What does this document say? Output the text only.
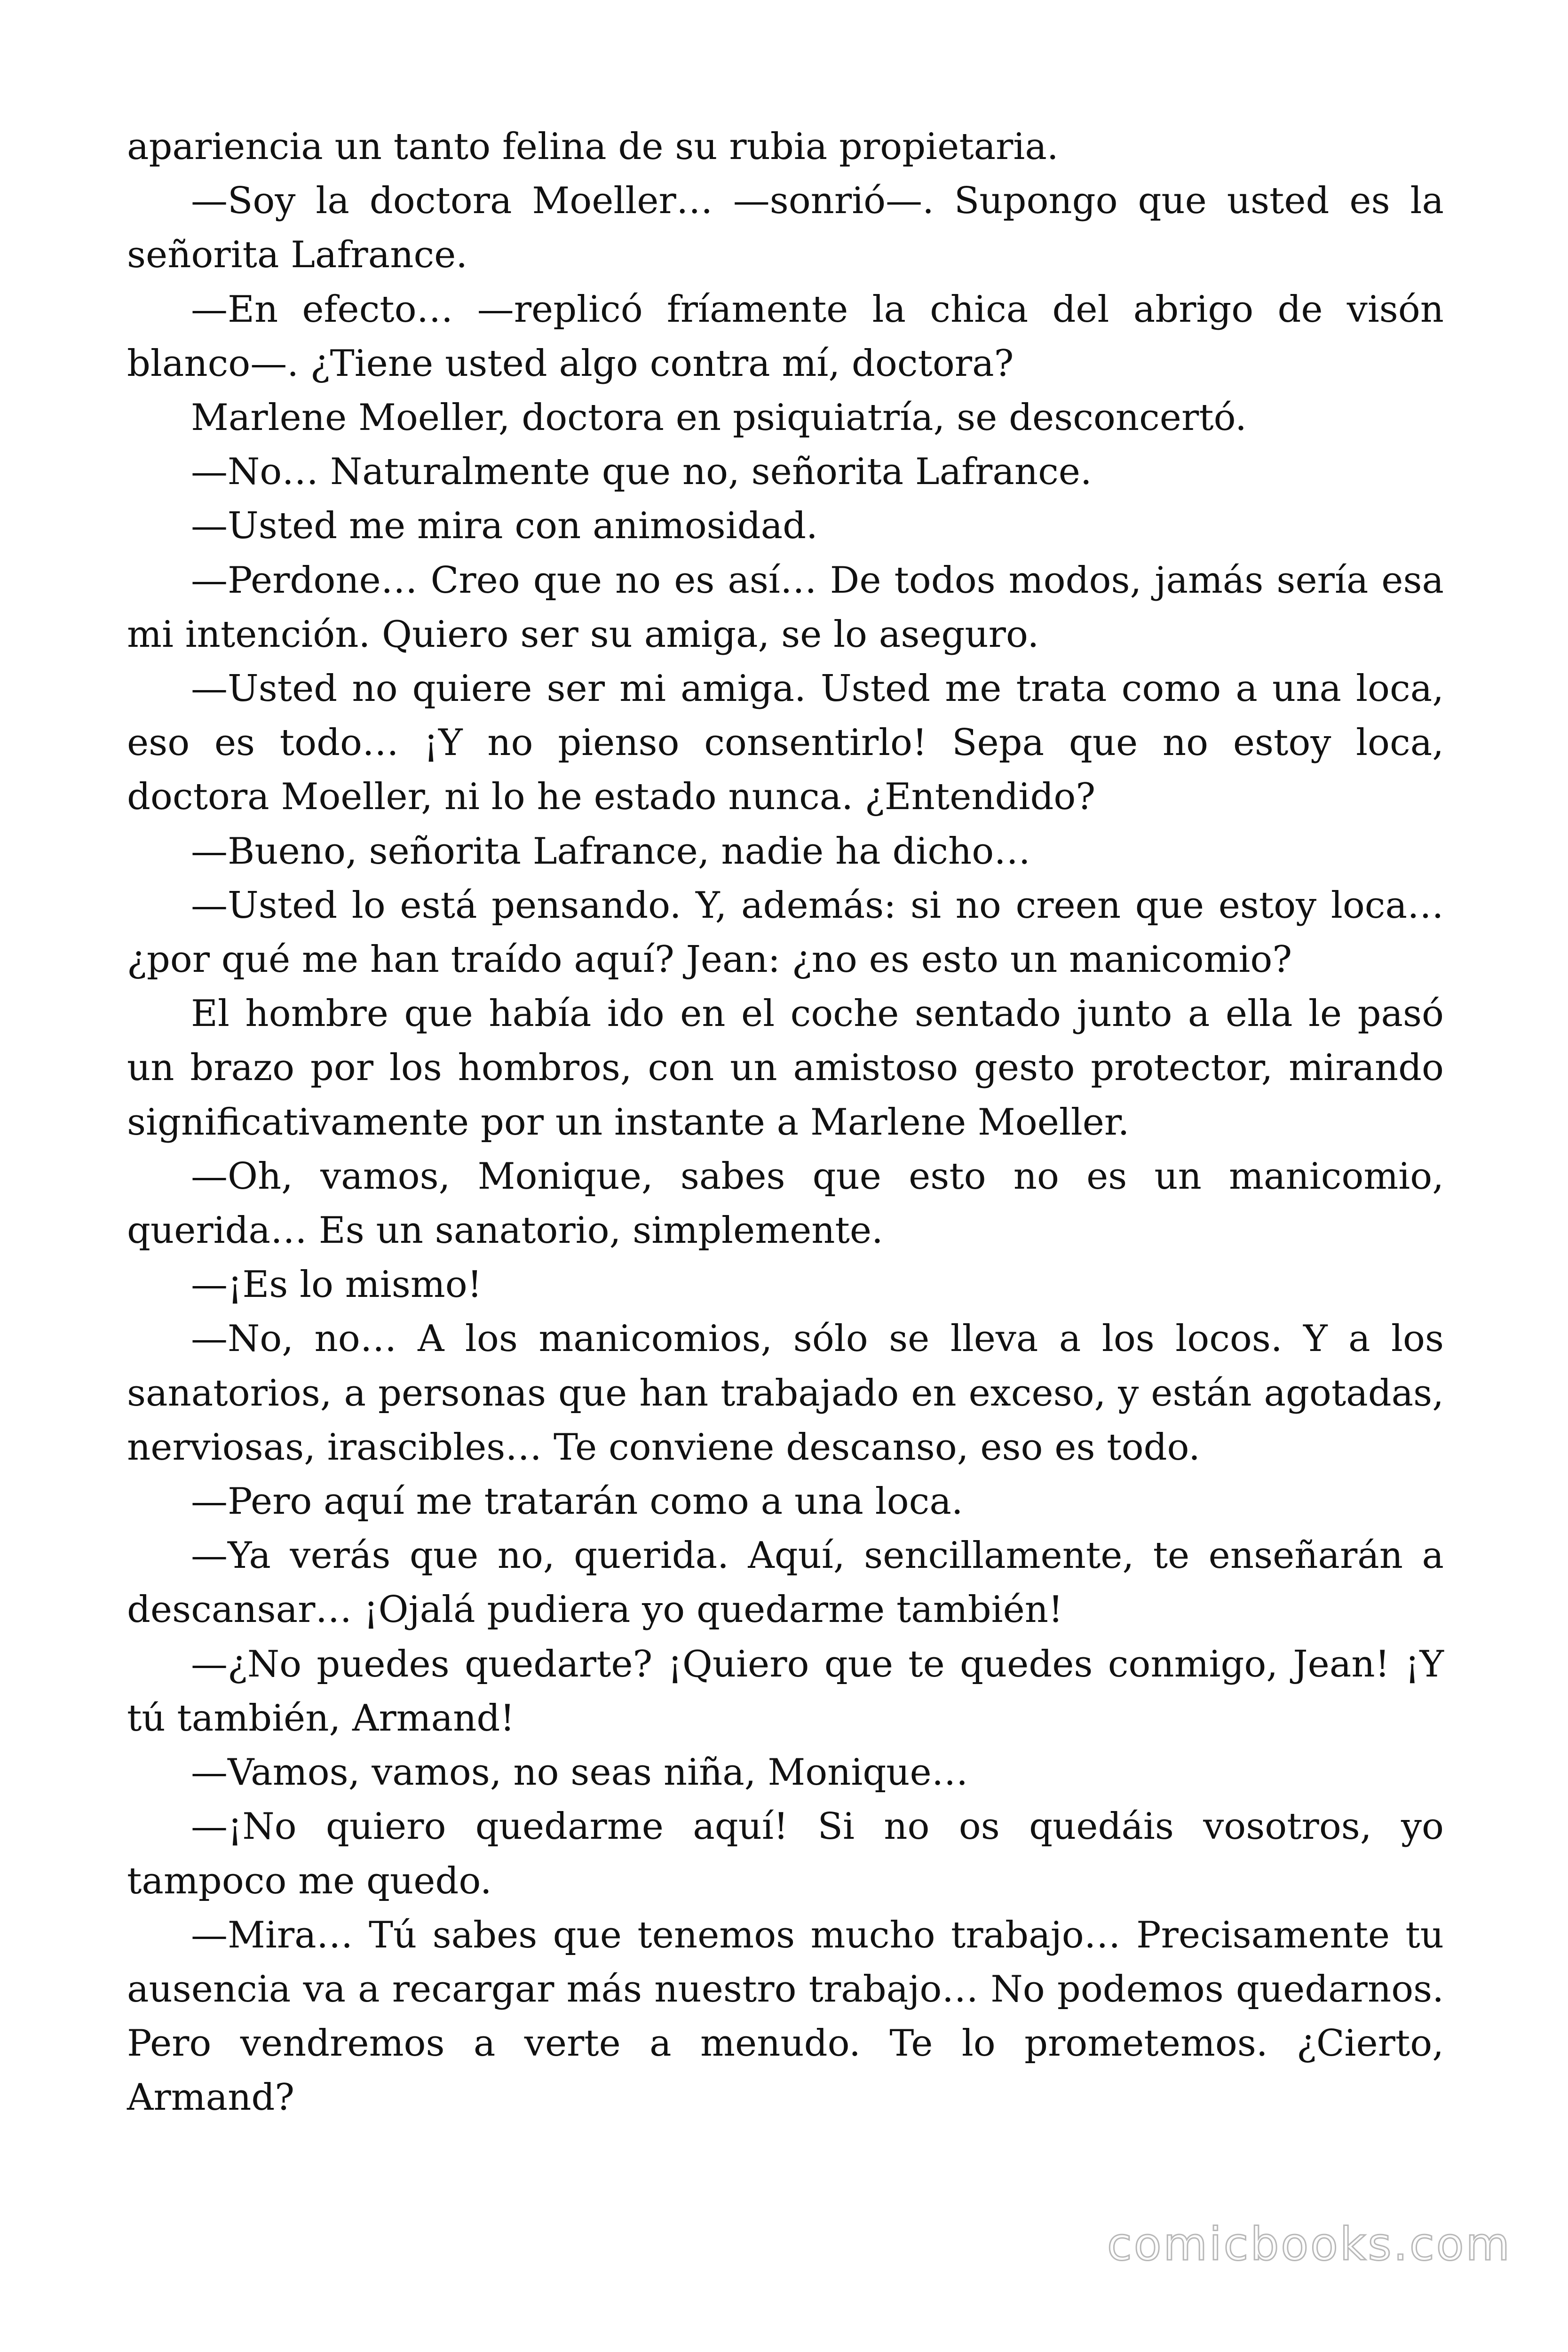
apariencia un tanto felina de su rubia propietaria.

—Soy la doctora Moeller… —sonrió—. Supongo que usted es la señorita Lafrance.

—En efecto… —replicó fríamente la chica del abrigo de visón blanco—. ¿Tiene usted algo contra mí, doctora?

Marlene Moeller, doctora en psiquiatría, se desconcertó.

—No… Naturalmente que no, señorita Lafrance.

—Usted me mira con animosidad.

—Perdone… Creo que no es así… De todos modos, jamás sería esa mi intención. Quiero ser su amiga, se lo aseguro.

—Usted no quiere ser mi amiga. Usted me trata como a una loca, eso es todo… ¡Y no pienso consentirlo! Sepa que no estoy loca, doctora Moeller, ni lo he estado nunca. ¿Entendido?

—Bueno, señorita Lafrance, nadie ha dicho…

—Usted lo está pensando. Y, además: si no creen que estoy loca… ¿por qué me han traído aquí? Jean: ¿no es esto un manicomio?

El hombre que había ido en el coche sentado junto a ella le pasó un brazo por los hombros, con un amistoso gesto protector, mirando significativamente por un instante a Marlene Moeller.

—Oh, vamos, Monique, sabes que esto no es un manicomio, querida… Es un sanatorio, simplemente.

—¡Es lo mismo!

—No, no… A los manicomios, sólo se lleva a los locos. Y a los sanatorios, a personas que han trabajado en exceso, y están agotadas, nerviosas, irascibles… Te conviene descanso, eso es todo.

—Pero aquí me tratarán como a una loca.

—Ya verás que no, querida. Aquí, sencillamente, te enseñarán a descansar… ¡Ojalá pudiera yo quedarme también!

—¿No puedes quedarte? ¡Quiero que te quedes conmigo, Jean! ¡Y tú también, Armand!

—Vamos, vamos, no seas niña, Monique…

—¡No quiero quedarme aquí! Si no os quedáis vosotros, yo tampoco me quedo.

—Mira… Tú sabes que tenemos mucho trabajo… Precisamente tu ausencia va a recargar más nuestro trabajo… No podemos quedarnos. Pero vendremos a verte a menudo. Te lo prometemos. ¿Cierto, Armand?

comicbooks.com
